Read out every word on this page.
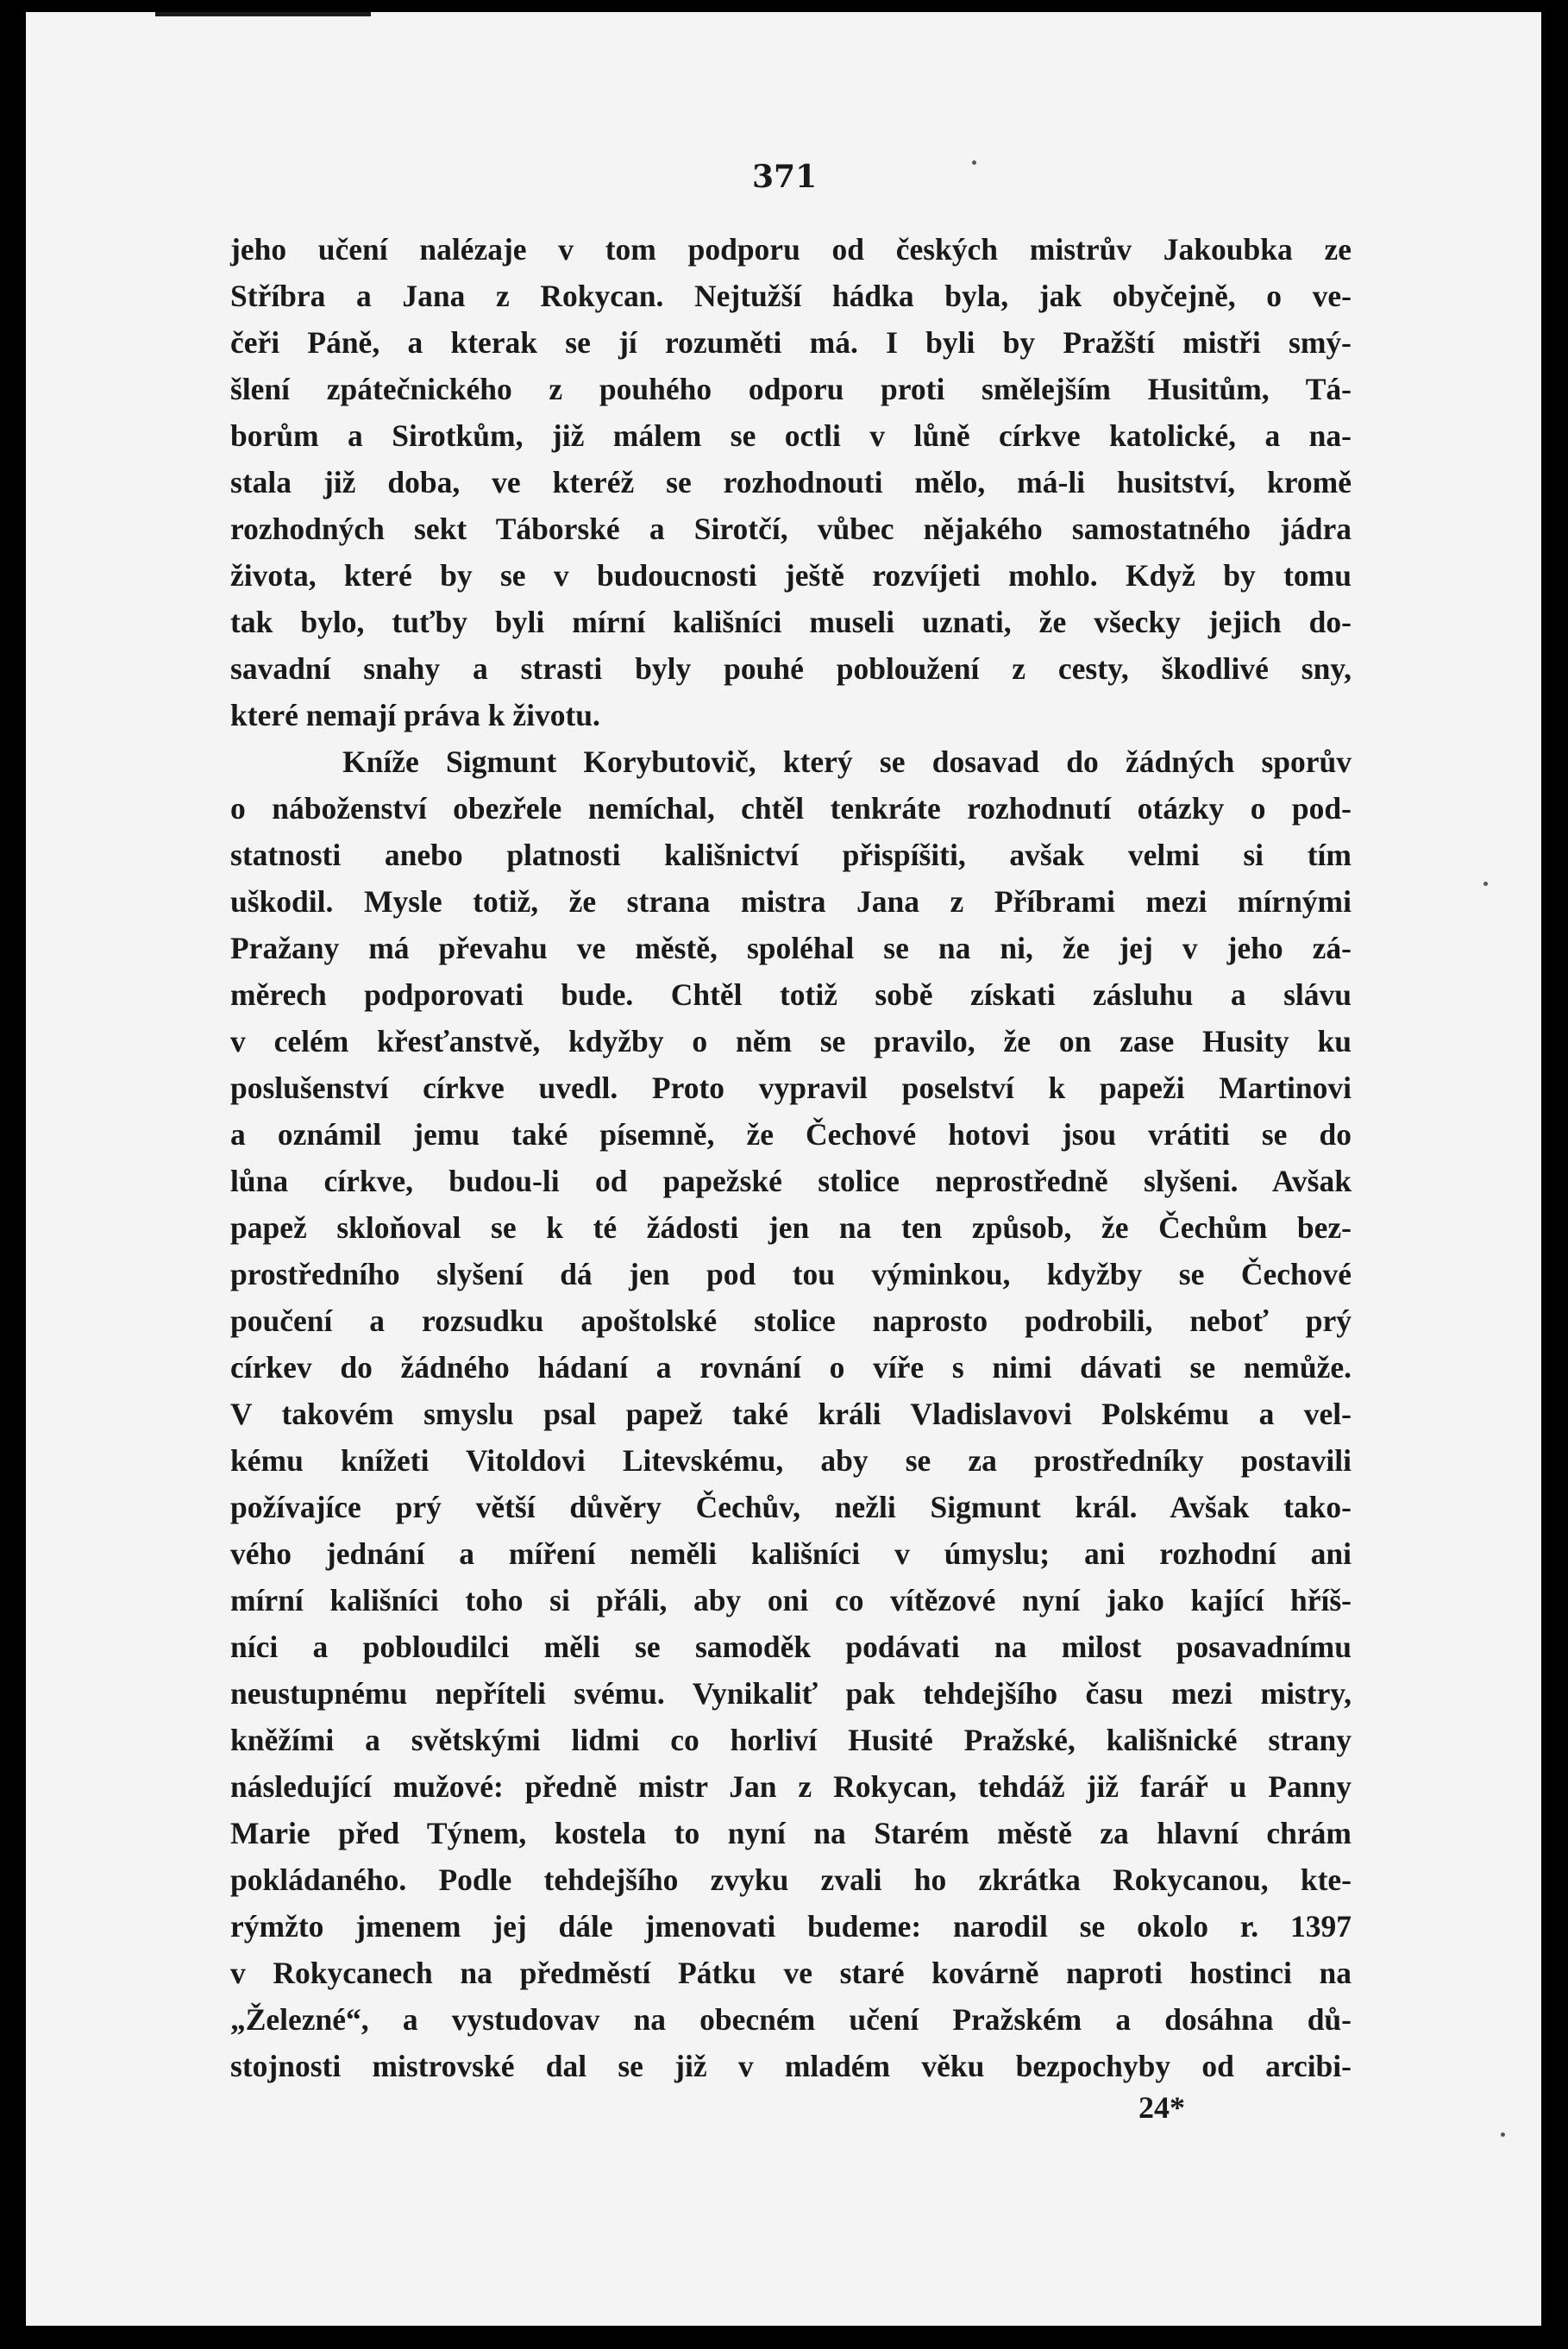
371

jeho učení nalézaje v tom podporu od českých mistrův Jakoubka ze

Stříbra a Jana z Rokycan. Nejtužší hádka byla, jak obyčejně, o ve-

čeři Páně, a kterak se jí rozuměti má. I byli by Pražští mistři smý-

šlení zpátečnického z pouhého odporu proti smělejším Husitům, Tá-

borům a Sirotkům, již málem se octli v lůně církve katolické, a na-

stala již doba, ve kteréž se rozhodnouti mělo, má-li husitství, kromě

rozhodných sekt Táborské a Sirotčí, vůbec nějakého samostatného jádra

života, které by se v budoucnosti ještě rozvíjeti mohlo. Když by tomu

tak bylo, tuťby byli mírní kališníci museli uznati, že všecky jejich do-

savadní snahy a strasti byly pouhé pobloužení z cesty, škodlivé sny,

které nemají práva k životu.

Kníže Sigmunt Korybutovič, který se dosavad do žádných sporův

o náboženství obezřele nemíchal, chtěl tenkráte rozhodnutí otázky o pod-

statnosti anebo platnosti kališnictví přispíšiti, avšak velmi si tím

uškodil. Mysle totiž, že strana mistra Jana z Příbrami mezi mírnými

Pražany má převahu ve městě, spoléhal se na ni, že jej v jeho zá-

měrech podporovati bude. Chtěl totiž sobě získati zásluhu a slávu

v celém křesťanstvě, kdyžby o něm se pravilo, že on zase Husity ku

poslušenství církve uvedl. Proto vypravil poselství k papeži Martinovi

a oznámil jemu také písemně, že Čechové hotovi jsou vrátiti se do

lůna církve, budou-li od papežské stolice neprostředně slyšeni. Avšak

papež skloňoval se k té žádosti jen na ten způsob, že Čechům bez-

prostředního slyšení dá jen pod tou výminkou, kdyžby se Čechové

poučení a rozsudku apoštolské stolice naprosto podrobili, neboť prý

církev do žádného hádaní a rovnání o víře s nimi dávati se nemůže.

V takovém smyslu psal papež také králi Vladislavovi Polskému a vel-

kému knížeti Vitoldovi Litevskému, aby se za prostředníky postavili

požívajíce prý větší důvěry Čechův, nežli Sigmunt král. Avšak tako-

vého jednání a míření neměli kališníci v úmyslu; ani rozhodní ani

mírní kališníci toho si přáli, aby oni co vítězové nyní jako kající hříš-

níci a pobloudilci měli se samoděk podávati na milost posavadnímu

neustupnému nepříteli svému. Vynikaliť pak tehdejšího času mezi mistry,

kněžími a světskými lidmi co horliví Husité Pražské, kališnické strany

následující mužové: předně mistr Jan z Rokycan, tehdáž již farář u Panny

Marie před Týnem, kostela to nyní na Starém městě za hlavní chrám

pokládaného. Podle tehdejšího zvyku zvali ho zkrátka Rokycanou, kte-

rýmžto jmenem jej dále jmenovati budeme: narodil se okolo r. 1397

v Rokycanech na předměstí Pátku ve staré kovárně naproti hostinci na

„Železné“, a vystudovav na obecném učení Pražském a dosáhna dů-

stojnosti mistrovské dal se již v mladém věku bezpochyby od arcibi-

24*
